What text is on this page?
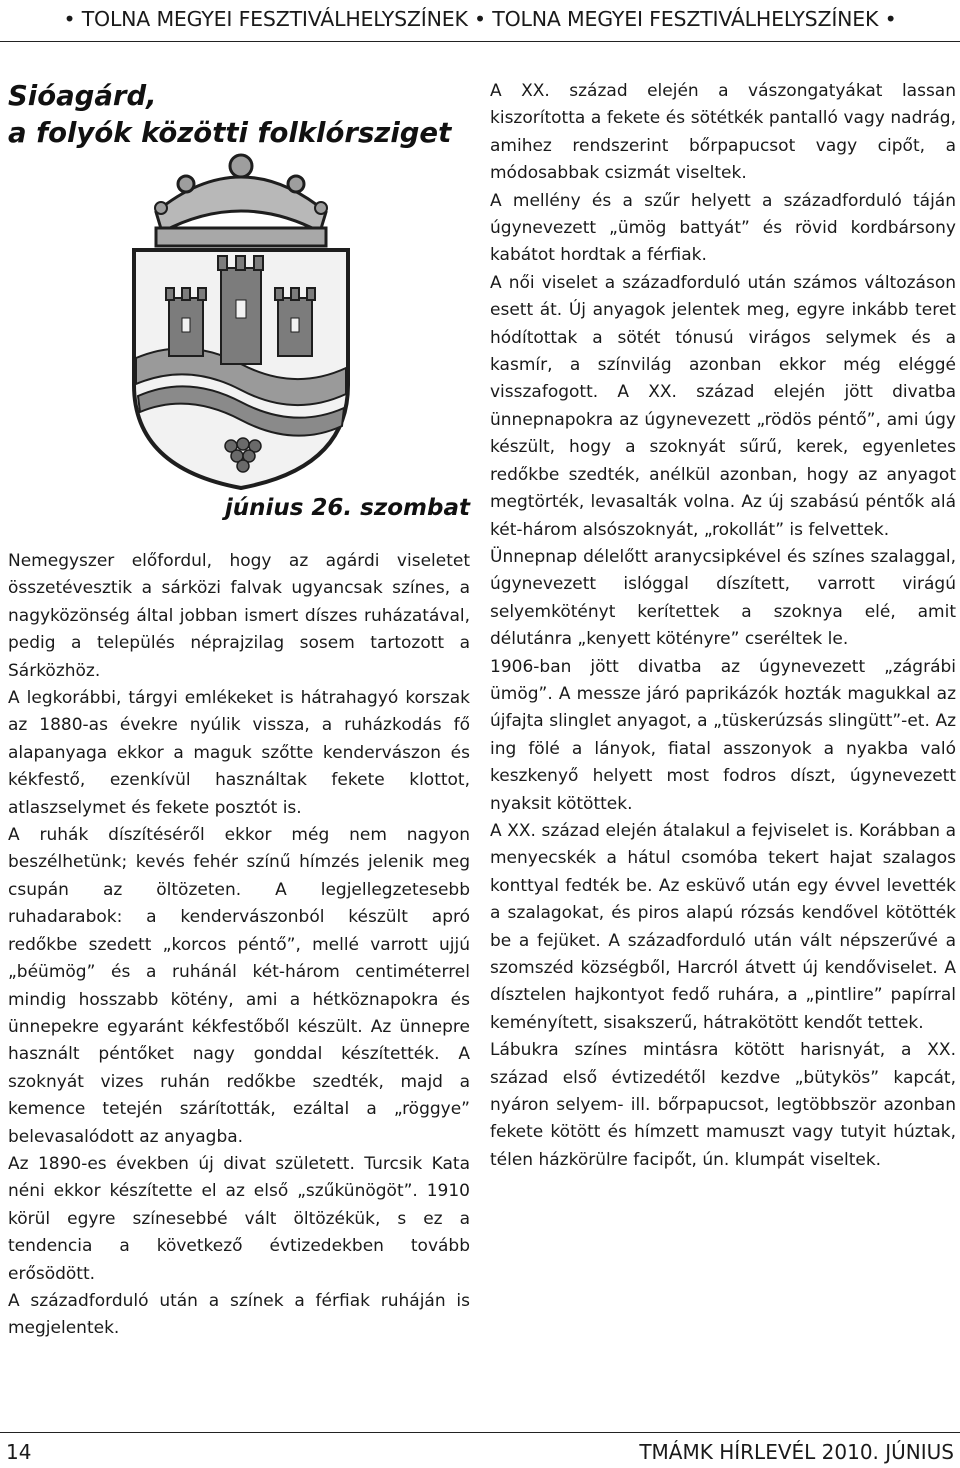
• TOLNA MEGYEI FESZTIVÁLHELYSZÍNEK • TOLNA MEGYEI FESZTIVÁLHELYSZÍNEK •
Sióagárd,
a folyók közötti folklórsziget
június 26. szombat

Nemegyszer előfordul, hogy az agárdi viseletet összetévesztik a sárközi falvak ugyancsak színes, a nagyközönség által jobban ismert díszes ruházatával, pedig a település néprajzilag sosem tartozott a Sárközhöz.

A legkorábbi, tárgyi emlékeket is hátrahagyó korszak az 1880-as évekre nyúlik vissza, a ruházkodás fő alapanyaga ekkor a maguk szőtte kendervászon és kékfestő, ezenkívül használtak fekete klottot, atlaszselymet és fekete posztót is.

A ruhák díszítéséről ekkor még nem nagyon beszélhetünk; kevés fehér színű hímzés jelenik meg csupán az öltözeten. A legjellegzetesebb ruhadarabok: a kendervászonból készült apró redőkbe szedett „korcos péntő”, mellé varrott ujjú „béümög” és a ruhánál két-három centiméterrel mindig hosszabb kötény, ami a hétköznapokra és ünnepekre egyaránt kékfestőből készült. Az ünnepre használt péntőket nagy gonddal készítették. A szoknyát vizes ruhán redőkbe szedték, majd a kemence tetején szárították, ezáltal a „röggye” belevasalódott az anyagba.

Az 1890-es években új divat született. Turcsik Kata néni ekkor készítette el az első „szűkünögöt”. 1910 körül egyre színesebbé vált öltözékük, s ez a tendencia a következő évtizedekben tovább erősödött.

A századforduló után a színek a férfiak ruháján is megjelentek.

A XX. század elején a vászongatyákat lassan kiszorította a fekete és sötétkék pantalló vagy nadrág, amihez rendszerint bőrpapucsot vagy cipőt, a módosabbak csizmát viseltek.

A mellény és a szűr helyett a századforduló táján úgynevezett „ümög battyát” és rövid kordbársony kabátot hordtak a férfiak.

A női viselet a századforduló után számos változáson esett át. Új anyagok jelentek meg, egyre inkább teret hódítottak a sötét tónusú virágos selymek és a kasmír, a színvilág azonban ekkor még eléggé visszafogott. A XX. század elején jött divatba ünnepnapokra az úgynevezett „rödös péntő”, ami úgy készült, hogy a szoknyát sűrű, kerek, egyenletes redőkbe szedték, anélkül azonban, hogy az anyagot megtörték, levasalták volna. Az új szabású péntők alá két-három alsószoknyát, „rokollát” is felvettek.

Ünnepnap délelőtt aranycsipkével és színes szalaggal, úgynevezett islóggal díszített, varrott virágú selyemkötényt kerítettek a szoknya elé, amit délutánra „kenyett kötényre” cseréltek le.

1906-ban jött divatba az úgynevezett „zágrábi ümög”. A messze járó paprikázók hozták magukkal az újfajta slinglet anyagot, a „tüskerúzsás slingütt”-et. Az ing fölé a lányok, fiatal asszonyok a nyakba való keszkenyő helyett most fodros díszt, úgynevezett nyaksit kötöttek.

A XX. század elején átalakul a fejviselet is. Korábban a menyecskék a hátul csomóba tekert hajat szalagos konttyal fedték be. Az esküvő után egy évvel levették a szalagokat, és piros alapú rózsás kendővel kötötték be a fejüket. A századforduló után vált népszerűvé a szomszéd községből, Harcról átvett új kendőviselet. A dísztelen hajkontyot fedő ruhára, a „pintlire” papírral keményített, sisakszerű, hátrakötött kendőt tettek.

Lábukra színes mintásra kötött harisnyát, a XX. század első évtizedétől kezdve „bütykös” kapcát, nyáron selyem- ill. bőrpapucsot, legtöbbször azonban fekete kötött és hímzett mamuszt vagy tutyit húztak, télen házkörülre facipőt, ún. klumpát viseltek.

14	TMÁMK HÍRLEVÉL 2010. JÚNIUS
